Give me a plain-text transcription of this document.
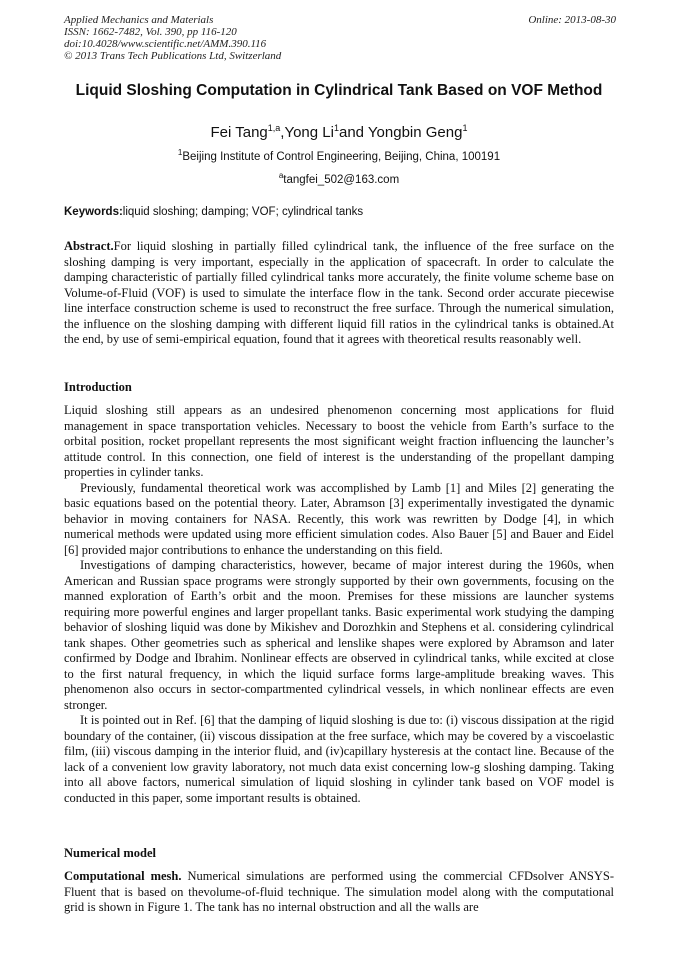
Applied Mechanics and Materials
ISSN: 1662-7482, Vol. 390, pp 116-120
doi:10.4028/www.scientific.net/AMM.390.116
© 2013 Trans Tech Publications Ltd, Switzerland
Online: 2013-08-30
Liquid Sloshing Computation in Cylindrical Tank Based on VOF Method
Fei Tang$^{1,a}$,Yong Li$^1$and Yongbin Geng$^1$
$^1$Beijing Institute of Control Engineering, Beijing, China, 100191
$^a$tangfei_502@163.com
Keywords:liquid sloshing; damping; VOF; cylindrical tanks
Abstract.For liquid sloshing in partially filled cylindrical tank, the influence of the free surface on the sloshing damping is very important, especially in the application of spacecraft. In order to calculate the damping characteristic of partially filled cylindrical tanks more accurately, the finite volume scheme base on Volume-of-Fluid (VOF) is used to simulate the interface flow in the tank. Second order accurate piecewise line interface construction scheme is used to reconstruct the free surface. Through the numerical simulation, the influence on the sloshing damping with different liquid fill ratios in the cylindrical tanks is obtained.At the end, by use of semi-empirical equation, found that it agrees with theoretical results reasonably well.
Introduction

Liquid sloshing still appears as an undesired phenomenon concerning most applications for fluid management in space transportation vehicles. Necessary to boost the vehicle from Earth’s surface to the orbital position, rocket propellant represents the most significant weight fraction influencing the launcher’s attitude control. In this connection, one field of interest is the understanding of the propellant damping properties in cylinder tanks.

Previously, fundamental theoretical work was accomplished by Lamb [1] and Miles [2] generating the basic equations based on the potential theory. Later, Abramson [3] experimentally investigated the dynamic behavior in moving containers for NASA. Recently, this work was rewritten by Dodge [4], in which numerical methods were updated using more efficient simulation codes. Also Bauer [5] and Bauer and Eidel [6] provided major contributions to enhance the understanding on this field.

Investigations of damping characteristics, however, became of major interest during the 1960s, when American and Russian space programs were strongly supported by their own governments, focusing on the manned exploration of Earth’s orbit and the moon. Premises for these missions are launcher systems requiring more powerful engines and larger propellant tanks. Basic experimental work studying the damping behavior of sloshing liquid was done by Mikishev and Dorozhkin and Stephens et al. considering cylindrical tank shapes. Other geometries such as spherical and lenslike shapes were explored by Abramson and later confirmed by Dodge and Ibrahim. Nonlinear effects are observed in cylindrical tanks, while excited at close to the first natural frequency, in which the liquid surface forms large-amplitude breaking waves. This phenomenon also occurs in sector-compartmented cylindrical vessels, in which nonlinear effects are even stronger.

It is pointed out in Ref. [6] that the damping of liquid sloshing is due to: (i) viscous dissipation at the rigid boundary of the container, (ii) viscous dissipation at the free surface, which may be covered by a viscoelastic film, (iii) viscous damping in the interior fluid, and (iv)capillary hysteresis at the contact line. Because of the lack of a convenient low gravity laboratory, not much data exist concerning low-g sloshing damping. Taking into all above factors, numerical simulation of liquid sloshing in cylinder tank based on VOF model is conducted in this paper, some important results is obtained.

Numerical model
Computational mesh. Numerical simulations are performed using the commercial CFDsolver ANSYS-Fluent that is based on thevolume-of-fluid technique. The simulation model along with the computational grid is shown in Figure 1. The tank has no internal obstruction and all the walls are
